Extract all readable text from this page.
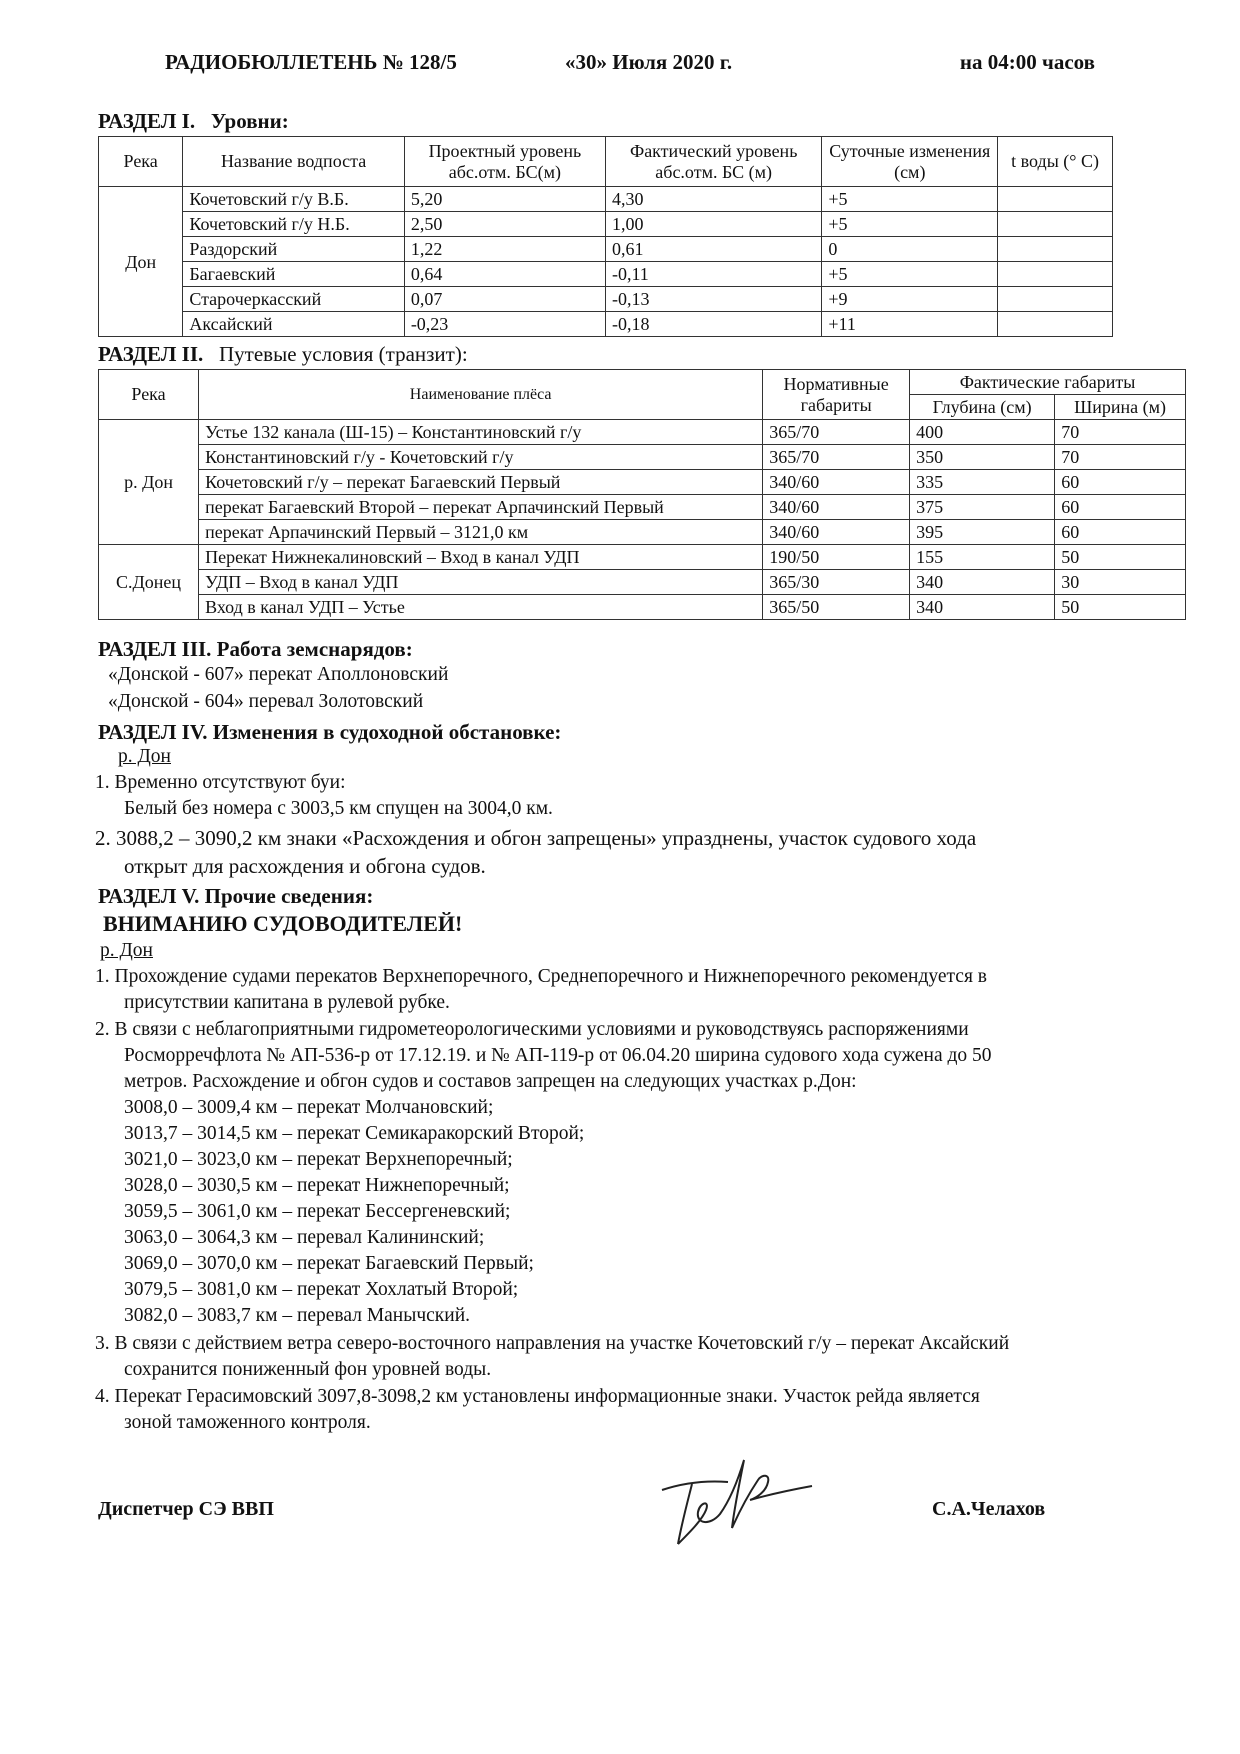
РАДИОБЮЛЛЕТЕНЬ № 128/5	«30» Июля 2020 г.	на 04:00 часов
РАЗДЕЛ I. Уровни:
Река	Название водпоста	Проектный уровень абс.отм. БС(м)	Фактический уровень абс.отм. БС (м)	Суточные изменения (см)	t воды (° С)
Дон	Кочетовский г/у В.Б.	5,20	4,30	+5	
	Кочетовский г/у Н.Б.	2,50	1,00	+5	
	Раздорский	1,22	0,61	0	
	Багаевский	0,64	-0,11	+5	
	Старочеркасский	0,07	-0,13	+9	
	Аксайский	-0,23	-0,18	+11	
РАЗДЕЛ II. Путевые условия (транзит):
Река	Наименование плёса	Нормативные габариты	Фактические габариты	
			Глубина (см)	Ширина (м)
р. Дон	Устье 132 канала (Ш-15) – Константиновский г/у	365/70	400	70
	Константиновский г/у - Кочетовский г/у	365/70	350	70
	Кочетовский г/у – перекат Багаевский Первый	340/60	335	60
	перекат Багаевский Второй – перекат Арпачинский Первый	340/60	375	60
	перекат Арпачинский Первый – 3121,0 км	340/60	395	60
С.Донец	Перекат Нижнекалиновский – Вход в канал УДП	190/50	155	50
	УДП – Вход в канал УДП	365/30	340	30
	Вход в канал УДП – Устье	365/50	340	50
РАЗДЕЛ III. Работа земснарядов:
«Донской - 607» перекат Аполлоновский
«Донской - 604» перевал Золотовский
РАЗДЕЛ IV. Изменения в судоходной обстановке:
р. Дон
1. Временно отсутствуют буи:
Белый без номера с 3003,5 км спущен на 3004,0 км.
2. 3088,2 – 3090,2 км знаки «Расхождения и обгон запрещены» упразднены, участок судового хода
открыт для расхождения и обгона судов.
РАЗДЕЛ V. Прочие сведения:
ВНИМАНИЮ СУДОВОДИТЕЛЕЙ!
р. Дон
1. Прохождение судами перекатов Верхнепоречного, Среднепоречного и Нижнепоречного рекомендуется в
присутствии капитана в рулевой рубке.
2. В связи с неблагоприятными гидрометеорологическими условиями и руководствуясь распоряжениями
Росморречфлота № АП-536-р от 17.12.19. и № АП-119-р от 06.04.20 ширина судового хода сужена до 50
метров. Расхождение и обгон судов и составов запрещен на следующих участках р.Дон:
3008,0 – 3009,4 км – перекат Молчановский;
3013,7 – 3014,5 км – перекат Семикаракорский Второй;
3021,0 – 3023,0 км – перекат Верхнепоречный;
3028,0 – 3030,5 км – перекат Нижнепоречный;
3059,5 – 3061,0 км – перекат Бессергеневский;
3063,0 – 3064,3 км – перевал Калининский;
3069,0 – 3070,0 км – перекат Багаевский Первый;
3079,5 – 3081,0 км – перекат Хохлатый Второй;
3082,0 – 3083,7 км – перевал Манычский.
3. В связи с действием ветра северо-восточного направления на участке Кочетовский г/у – перекат Аксайский
сохранится пониженный фон уровней воды.
4. Перекат Герасимовский 3097,8-3098,2 км установлены информационные знаки. Участок рейда является
зоной таможенного контроля.
Диспетчер СЭ ВВП	С.А.Челахов
